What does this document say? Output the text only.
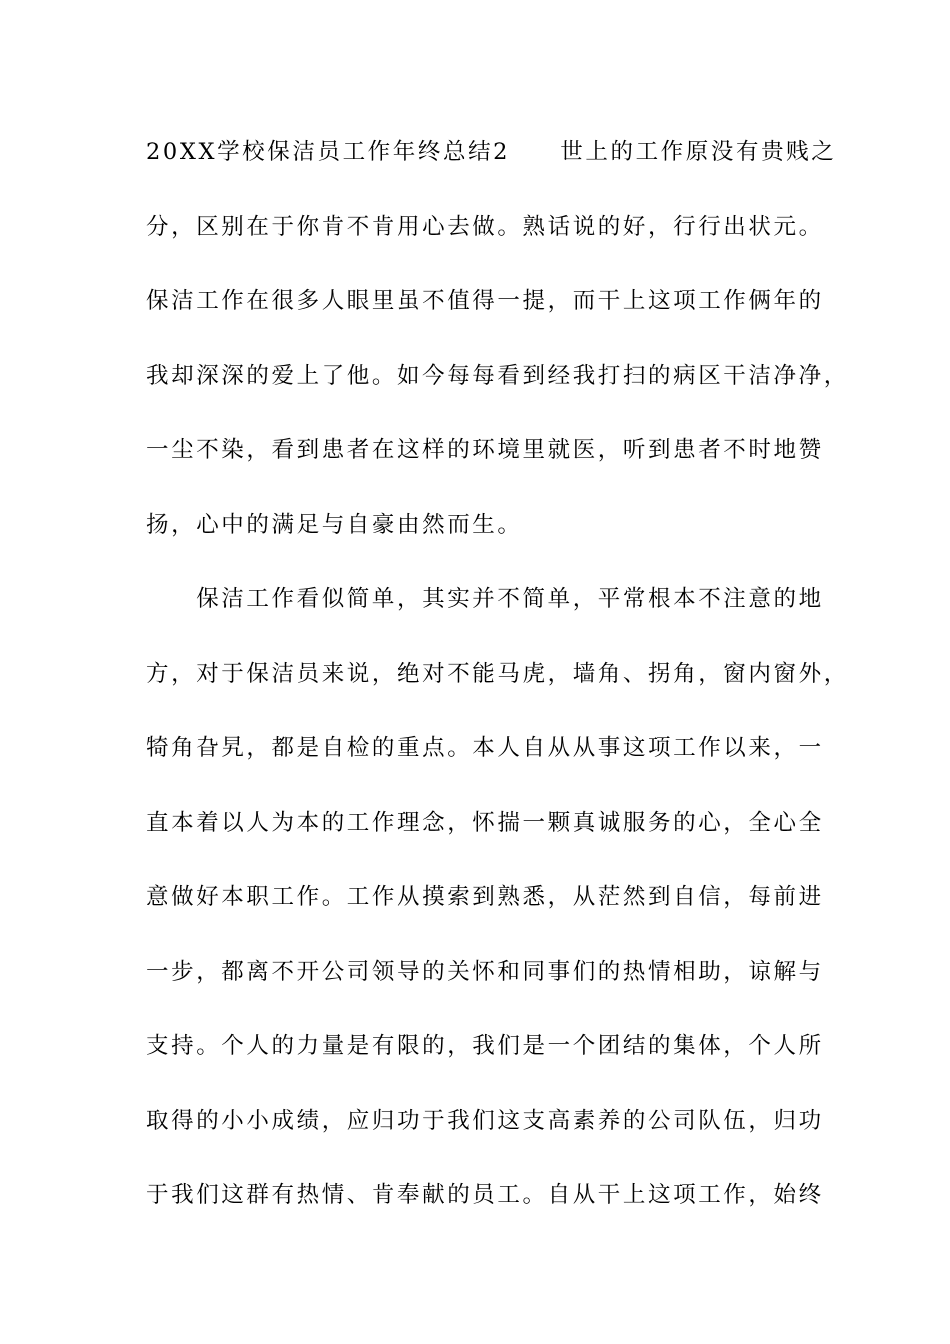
20XX学校保洁员工作年终总结2　　世上的工作原没有贵贱之
分，区别在于你肯不肯用心去做。熟话说的好，行行出状元。
保洁工作在很多人眼里虽不值得一提，而干上这项工作俩年的
我却深深的爱上了他。如今每每看到经我打扫的病区干洁净净，
一尘不染，看到患者在这样的环境里就医，听到患者不时地赞
扬，心中的满足与自豪由然而生。
　　保洁工作看似简单，其实并不简单，平常根本不注意的地
方，对于保洁员来说，绝对不能马虎，墙角、拐角，窗内窗外，
犄角旮旯，都是自检的重点。本人自从从事这项工作以来，一
直本着以人为本的工作理念，怀揣一颗真诚服务的心，全心全
意做好本职工作。工作从摸索到熟悉，从茫然到自信，每前进
一步，都离不开公司领导的关怀和同事们的热情相助，谅解与
支持。个人的力量是有限的，我们是一个团结的集体，个人所
取得的小小成绩，应归功于我们这支高素养的公司队伍，归功
于我们这群有热情、肯奉献的员工。自从干上这项工作，始终
